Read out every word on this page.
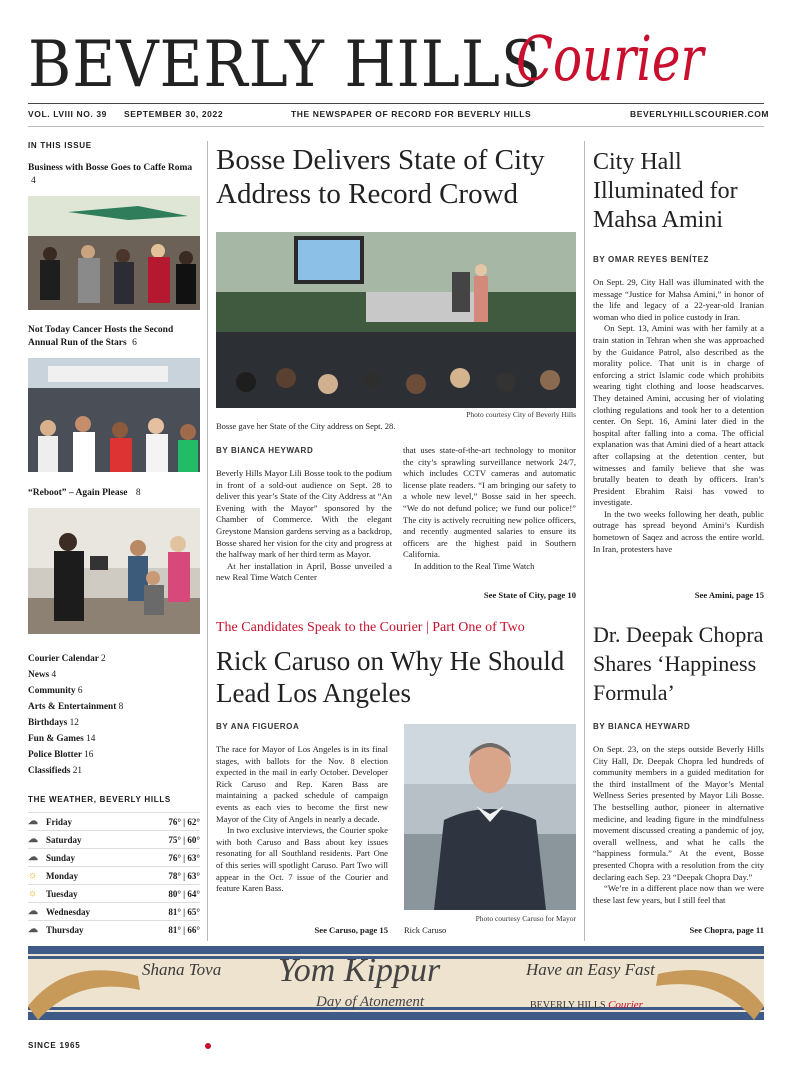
BEVERLY HILLS
Courier
VOL. LVIII NO. 39 SEPTEMBER 30, 2022	THE NEWSPAPER OF RECORD FOR BEVERLY HILLS	BEVERLYHILLSCOURIER.COM
IN THIS ISSUE
Business with Bosse Goes to Caffe Roma 4
Not Today Cancer Hosts the Second Annual Run of the Stars 6
“Reboot” – Again Please 8
Courier Calendar 2
News 4
Community 6
Arts & Entertainment 8
Birthdays 12
Fun & Games 14
Police Blotter 16
Classifieds 21
THE WEATHER, BEVERLY HILLS
☁ Friday	76° | 62°
☁ Saturday	75° | 60°
☁ Sunday	76° | 63°
☼ Monday	78° | 63°
☼ Tuesday	80° | 64°
☁ Wednesday	81° | 65°
☁ Thursday	81° | 66°
Bosse Delivers State of City Address to Record Crowd
Photo courtesy City of Beverly Hills
Bosse gave her State of the City address on Sept. 28.
BY BIANCA HEYWARD

Beverly Hills Mayor Lili Bosse took to the podium in front of a sold-out audience on Sept. 28 to deliver this year’s State of the City Address at “An Evening with the Mayor” sponsored by the Chamber of Commerce. With the elegant Greystone Mansion gardens serving as a backdrop, Bosse shared her vision for the city and progress at the halfway mark of her third term as Mayor.

At her installation in April, Bosse unveiled a new Real Time Watch Center

that uses state-of-the-art technology to monitor the city’s sprawling surveillance network 24/7, which includes CCTV cameras and automatic license plate readers. “I am bringing our safety to a whole new level,” Bosse said in her speech. “We do not defund police; we fund our police!” The city is actively recruiting new police officers, and recently augmented salaries to ensure its officers are the highest paid in Southern California.

In addition to the Real Time Watch

See State of City, page 10
City Hall Illuminated for Mahsa Amini
BY OMAR REYES BENÍTEZ

On Sept. 29, City Hall was illuminated with the message “Justice for Mahsa Amini,” in honor of the life and legacy of a 22-year-old Iranian woman who died in police custody in Iran.

On Sept. 13, Amini was with her family at a train station in Tehran when she was approached by the Guidance Patrol, also described as the morality police. That unit is in charge of enforcing a strict Islamic code which prohibits wearing tight clothing and loose headscarves. They detained Amini, accusing her of violating clothing regulations and took her to a detention center. On Sept. 16, Amini later died in the hospital after falling into a coma. The official explanation was that Amini died of a heart attack after collapsing at the detention center, but witnesses and family believe that she was brutally beaten to death by officers. Iran’s President Ebrahim Raisi has vowed to investigate.

In the two weeks following her death, public outrage has spread beyond Amini’s Kurdish hometown of Saqez and across the entire world. In Iran, protesters have

See Amini, page 15
The Candidates Speak to the Courier | Part One of Two
Rick Caruso on Why He Should Lead Los Angeles
BY ANA FIGUEROA

The race for Mayor of Los Angeles is in its final stages, with ballots for the Nov. 8 election expected in the mail in early October. Developer Rick Caruso and Rep. Karen Bass are maintaining a packed schedule of campaign events as each vies to become the first new Mayor of the City of Angels in nearly a decade.

In two exclusive interviews, the Courier spoke with both Caruso and Bass about key issues resonating for all Southland residents. Part One of this series will spotlight Caruso. Part Two will appear in the Oct. 7 issue of the Courier and feature Karen Bass.

See Caruso, page 15
Photo courtesy Caruso for Mayor
Rick Caruso
Dr. Deepak Chopra Shares ‘Happiness Formula’
BY BIANCA HEYWARD

On Sept. 23, on the steps outside Beverly Hills City Hall, Dr. Deepak Chopra led hundreds of community members in a guided meditation for the third installment of the Mayor’s Mental Wellness Series presented by Mayor Lili Bosse. The bestselling author, pioneer in alternative medicine, and leading figure in the mindfulness movement discussed creating a pandemic of joy, overall wellness, and what he calls the “happiness formula.” At the event, Bosse presented Chopra with a resolution from the city declaring each Sep. 23 “Deepak Chopra Day.”

“We’re in a different place now than we were these last few years, but I still feel that

See Chopra, page 11
Shana Tova Yom Kippur
Day of Atonement
Have an Easy Fast
BEVERLY HILLS Courier
SINCE 1965
